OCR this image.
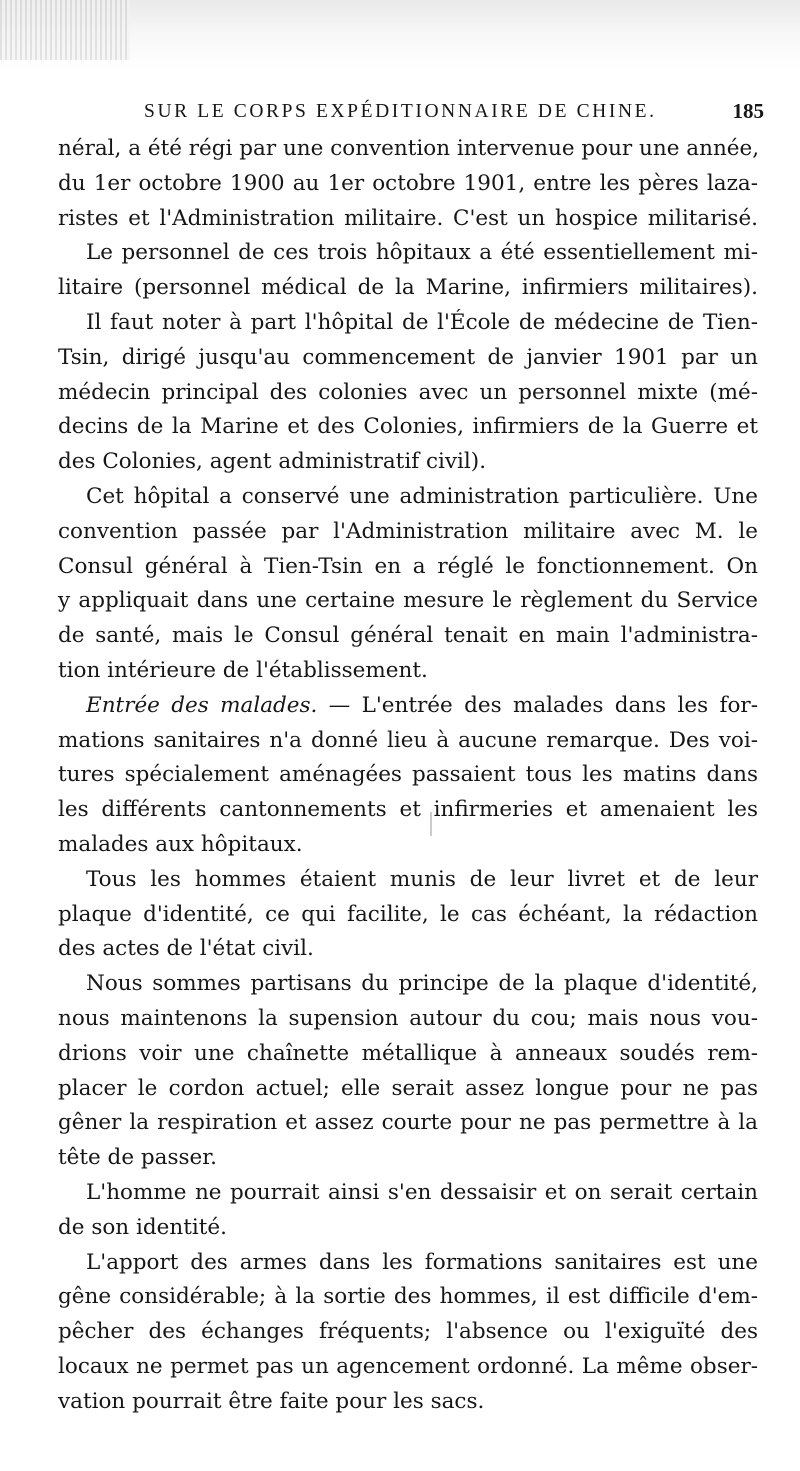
SUR LE CORPS EXPÉDITIONNAIRE DE CHINE.	185
néral, a été régi par une convention intervenue pour une année,
du 1er octobre 1900 au 1er octobre 1901, entre les pères laza-
ristes et l'Administration militaire. C'est un hospice militarisé.
Le personnel de ces trois hôpitaux a été essentiellement mi-
litaire (personnel médical de la Marine, infirmiers militaires).
Il faut noter à part l'hôpital de l'École de médecine de Tien-
Tsin, dirigé jusqu'au commencement de janvier 1901 par un
médecin principal des colonies avec un personnel mixte (mé-
decins de la Marine et des Colonies, infirmiers de la Guerre et
des Colonies, agent administratif civil).
Cet hôpital a conservé une administration particulière. Une
convention passée par l'Administration militaire avec M. le
Consul général à Tien-Tsin en a réglé le fonctionnement. On
y appliquait dans une certaine mesure le règlement du Service
de santé, mais le Consul général tenait en main l'administra-
tion intérieure de l'établissement.
Entrée des malades. — L'entrée des malades dans les for-
mations sanitaires n'a donné lieu à aucune remarque. Des voi-
tures spécialement aménagées passaient tous les matins dans
les différents cantonnements et infirmeries et amenaient les
malades aux hôpitaux.
Tous les hommes étaient munis de leur livret et de leur
plaque d'identité, ce qui facilite, le cas échéant, la rédaction
des actes de l'état civil.
Nous sommes partisans du principe de la plaque d'identité,
nous maintenons la supension autour du cou; mais nous vou-
drions voir une chaînette métallique à anneaux soudés rem-
placer le cordon actuel; elle serait assez longue pour ne pas
gêner la respiration et assez courte pour ne pas permettre à la
tête de passer.
L'homme ne pourrait ainsi s'en dessaisir et on serait certain
de son identité.
L'apport des armes dans les formations sanitaires est une
gêne considérable; à la sortie des hommes, il est difficile d'em-
pêcher des échanges fréquents; l'absence ou l'exiguïté des
locaux ne permet pas un agencement ordonné. La même obser-
vation pourrait être faite pour les sacs.
